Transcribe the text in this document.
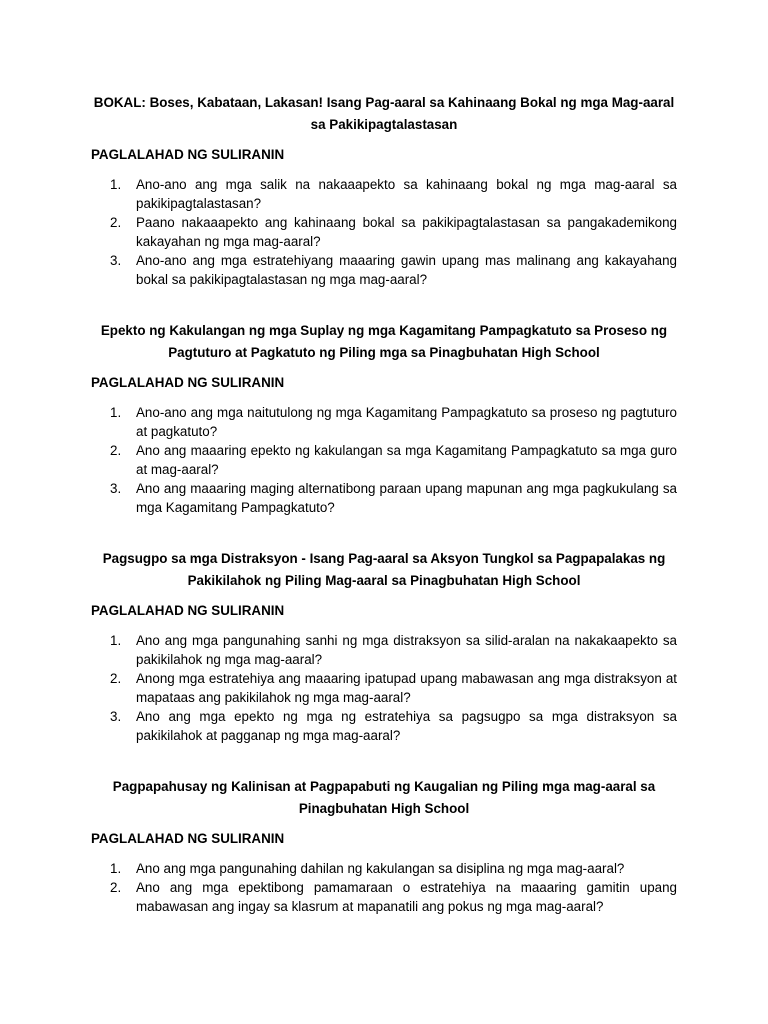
BOKAL: Boses, Kabataan, Lakasan! Isang Pag-aaral sa Kahinaang Bokal ng mga Mag-aaral sa Pakikipagtalastasan

PAGLALAHAD NG SULIRANIN

1. Ano-ano ang mga salik na nakaaapekto sa kahinaang bokal ng mga mag-aaral sa pakikipagtalastasan?
2. Paano nakaaapekto ang kahinaang bokal sa pakikipagtalastasan sa pangakademikong kakayahan ng mga mag-aaral?
3. Ano-ano ang mga estratehiyang maaaring gawin upang mas malinang ang kakayahang bokal sa pakikipagtalastasan ng mga mag-aaral?

Epekto ng Kakulangan ng mga Suplay ng mga Kagamitang Pampagkatuto sa Proseso ng Pagtuturo at Pagkatuto ng Piling mga sa Pinagbuhatan High School

PAGLALAHAD NG SULIRANIN

1. Ano-ano ang mga naitutulong ng mga Kagamitang Pampagkatuto sa proseso ng pagtuturo at pagkatuto?
2. Ano ang maaaring epekto ng kakulangan sa mga Kagamitang Pampagkatuto sa mga guro at mag-aaral?
3. Ano ang maaaring maging alternatibong paraan upang mapunan ang mga pagkukulang sa mga Kagamitang Pampagkatuto?

Pagsugpo sa mga Distraksyon - Isang Pag-aaral sa Aksyon Tungkol sa Pagpapalakas ng Pakikilahok ng Piling Mag-aaral sa Pinagbuhatan High School

PAGLALAHAD NG SULIRANIN

1. Ano ang mga pangunahing sanhi ng mga distraksyon sa silid-aralan na nakakaapekto sa pakikilahok ng mga mag-aaral?
2. Anong mga estratehiya ang maaaring ipatupad upang mabawasan ang mga distraksyon at mapataas ang pakikilahok ng mga mag-aaral?
3. Ano ang mga epekto ng mga ng estratehiya sa pagsugpo sa mga distraksyon sa pakikilahok at pagganap ng mga mag-aaral?

Pagpapahusay ng Kalinisan at Pagpapabuti ng Kaugalian ng Piling mga mag-aaral sa Pinagbuhatan High School

PAGLALAHAD NG SULIRANIN

1. Ano ang mga pangunahing dahilan ng kakulangan sa disiplina ng mga mag-aaral?
2. Ano ang mga epektibong pamamaraan o estratehiya na maaaring gamitin upang mabawasan ang ingay sa klasrum at mapanatili ang pokus ng mga mag-aaral?
